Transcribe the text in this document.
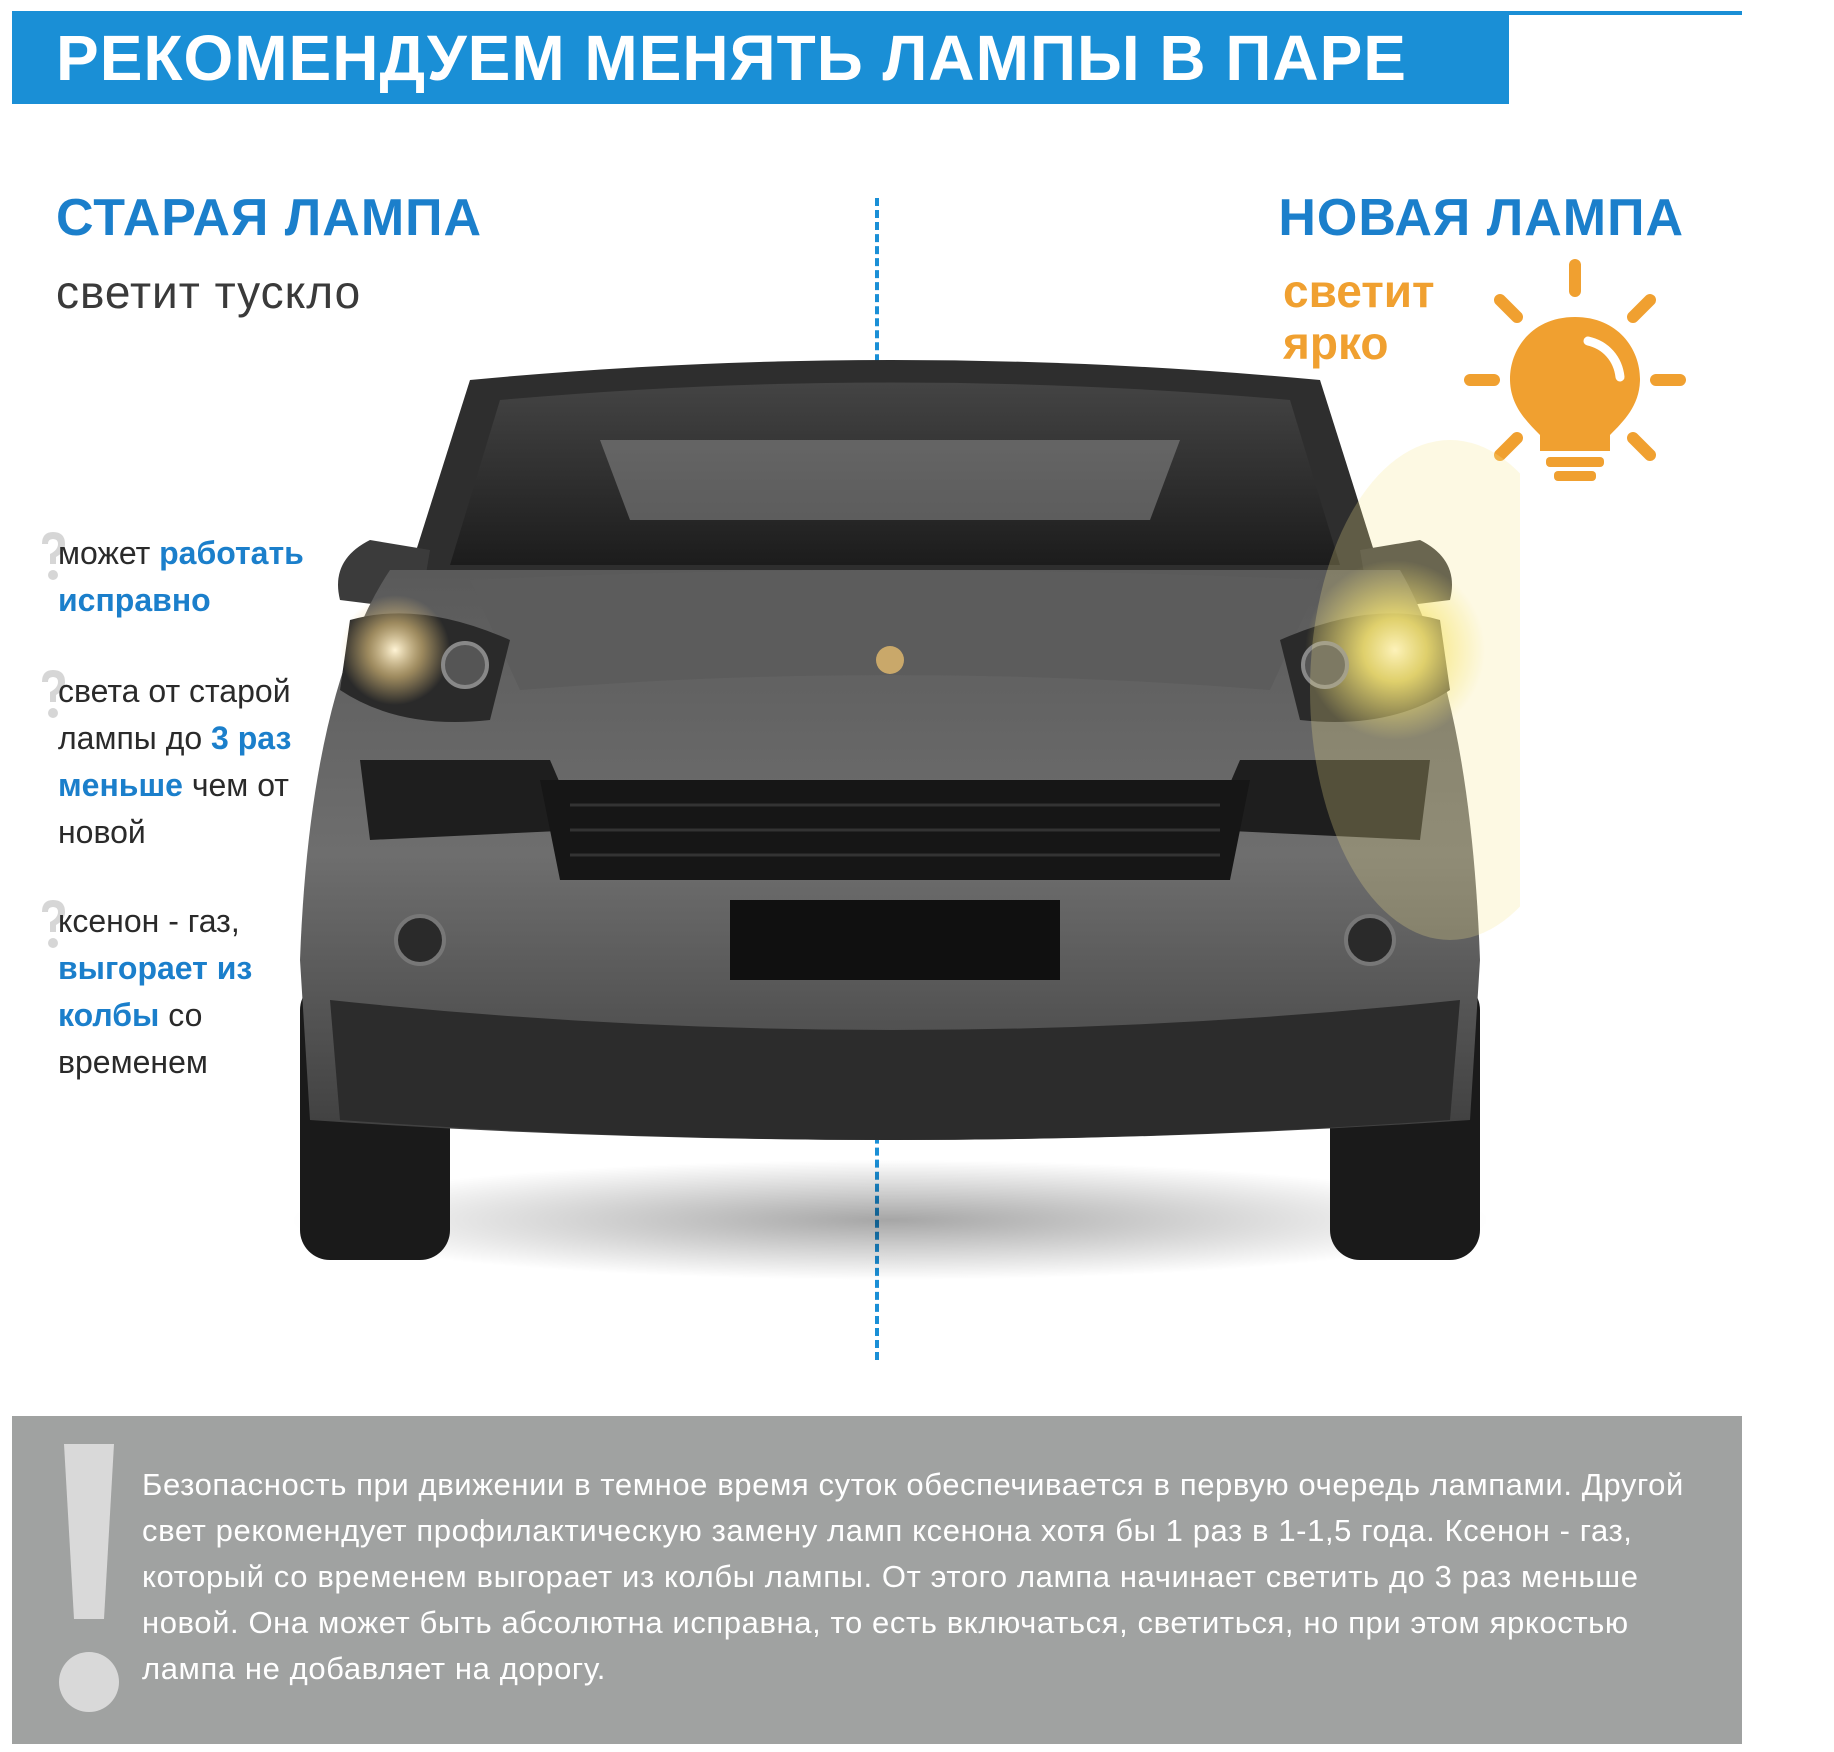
РЕКОМЕНДУЕМ МЕНЯТЬ ЛАМПЫ В ПАРЕ
СТАРАЯ ЛАМПА
светит тускло
НОВАЯ ЛАМПА
светит ярко
может работать исправно
света от старой лампы до 3 раз меньше чем от новой
ксенон - газ, выгорает из колбы со временем
Безопасность при движении в темное время суток обеспечивается в первую очередь лампами. Другой свет рекомендует профилактическую замену ламп ксенона хотя бы 1 раз в 1-1,5 года. Ксенон - газ, который со временем выгорает из колбы лампы. От этого лампа начинает светить до 3 раз меньше новой. Она может быть абсолютна исправна, то есть включаться, светиться, но при этом яркостью лампа не добавляет на дорогу.
